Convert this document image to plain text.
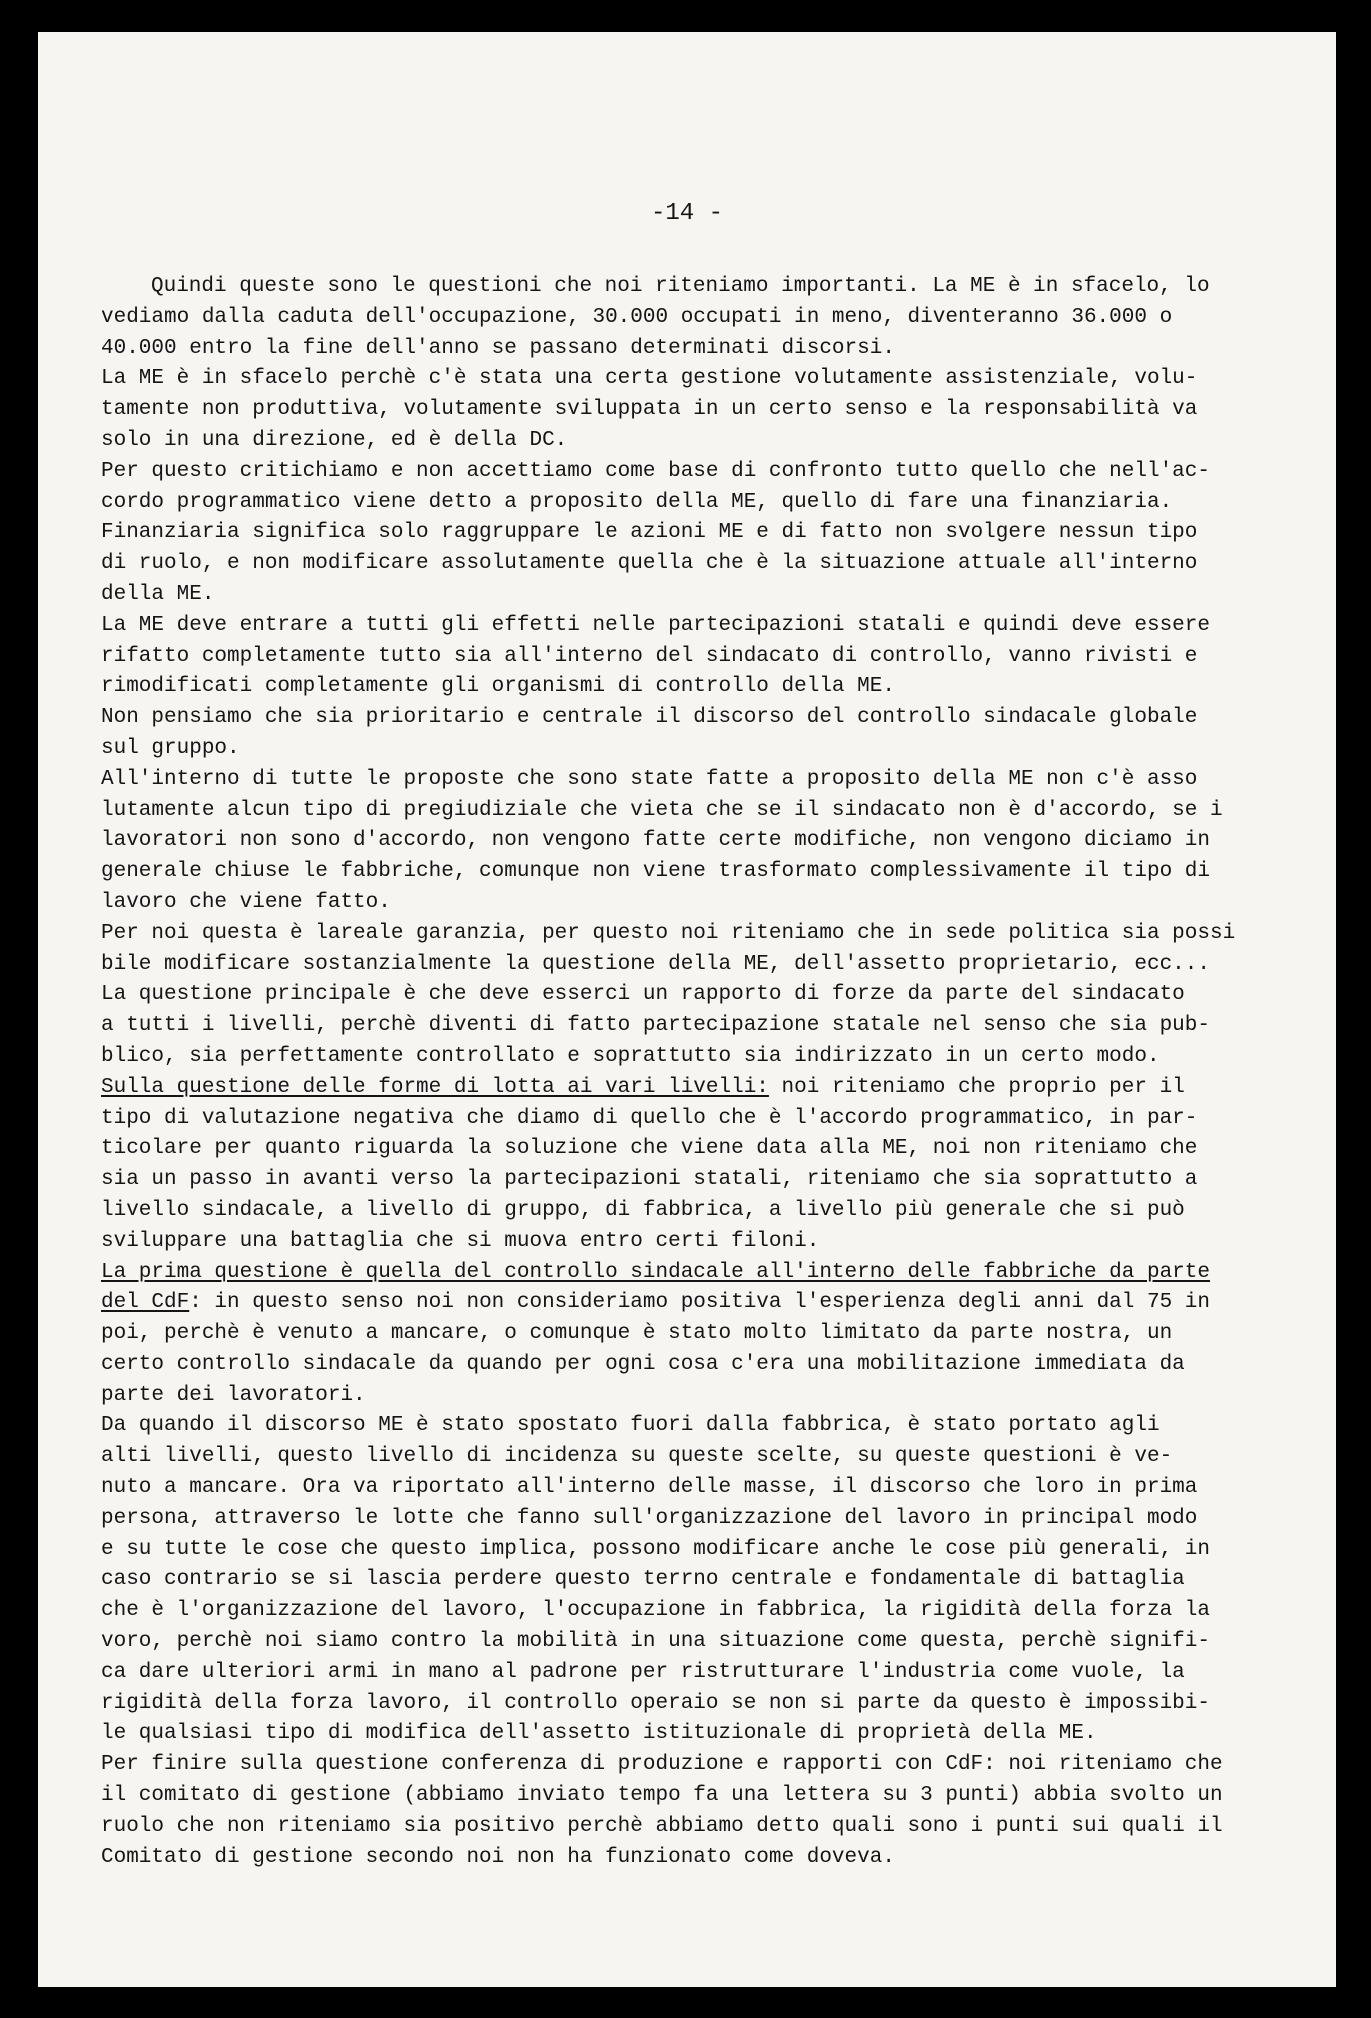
-14 -

Quindi queste sono le questioni che noi riteniamo importanti. La ME è in sfacelo, lo
vediamo dalla caduta dell'occupazione, 30.000 occupati in meno, diventeranno 36.000 o
40.000 entro la fine dell'anno se passano determinati discorsi.
La ME è in sfacelo perchè c'è stata una certa gestione volutamente assistenziale, volu-
tamente non produttiva, volutamente sviluppata in un certo senso e la responsabilità va
solo in una direzione, ed è della DC.
Per questo critichiamo e non accettiamo come base di confronto tutto quello che nell'ac-
cordo programmatico viene detto a proposito della ME, quello di fare una finanziaria.
Finanziaria significa solo raggruppare le azioni ME e di fatto non svolgere nessun tipo
di ruolo, e non modificare assolutamente quella che è la situazione attuale all'interno
della ME.
La ME deve entrare a tutti gli effetti nelle partecipazioni statali e quindi deve essere
rifatto completamente tutto sia all'interno del sindacato di controllo, vanno rivisti e
rimodificati completamente gli organismi di controllo della ME.
Non pensiamo che sia prioritario e centrale il discorso del controllo sindacale globale
sul gruppo.
All'interno di tutte le proposte che sono state fatte a proposito della ME non c'è asso
lutamente alcun tipo di pregiudiziale che vieta che se il sindacato non è d'accordo, se i
lavoratori non sono d'accordo, non vengono fatte certe modifiche, non vengono diciamo in
generale chiuse le fabbriche, comunque non viene trasformato complessivamente il tipo di
lavoro che viene fatto.
Per noi questa è lareale garanzia, per questo noi riteniamo che in sede politica sia possi
bile modificare sostanzialmente la questione della ME, dell'assetto proprietario, ecc...
La questione principale è che deve esserci un rapporto di forze da parte del sindacato
a tutti i livelli, perchè diventi di fatto partecipazione statale nel senso che sia pub-
blico, sia perfettamente controllato e soprattutto sia indirizzato in un certo modo.
Sulla questione delle forme di lotta ai vari livelli: noi riteniamo che proprio per il
tipo di valutazione negativa che diamo di quello che è l'accordo programmatico, in par-
ticolare per quanto riguarda la soluzione che viene data alla ME, noi non riteniamo che
sia un passo in avanti verso la partecipazioni statali, riteniamo che sia soprattutto a
livello sindacale, a livello di gruppo, di fabbrica, a livello più generale che si può
sviluppare una battaglia che si muova entro certi filoni.
La prima questione è quella del controllo sindacale all'interno delle fabbriche da parte
del CdF: in questo senso noi non consideriamo positiva l'esperienza degli anni dal 75 in
poi, perchè è venuto a mancare, o comunque è stato molto limitato da parte nostra, un
certo controllo sindacale da quando per ogni cosa c'era una mobilitazione immediata da
parte dei lavoratori.
Da quando il discorso ME è stato spostato fuori dalla fabbrica, è stato portato agli
alti livelli, questo livello di incidenza su queste scelte, su queste questioni è ve-
nuto a mancare. Ora va riportato all'interno delle masse, il discorso che loro in prima
persona, attraverso le lotte che fanno sull'organizzazione del lavoro in principal modo
e su tutte le cose che questo implica, possono modificare anche le cose più generali, in
caso contrario se si lascia perdere questo terrno centrale e fondamentale di battaglia
che è l'organizzazione del lavoro, l'occupazione in fabbrica, la rigidità della forza la
voro, perchè noi siamo contro la mobilità in una situazione come questa, perchè signifi-
ca dare ulteriori armi in mano al padrone per ristrutturare l'industria come vuole, la
rigidità della forza lavoro, il controllo operaio se non si parte da questo è impossibi-
le qualsiasi tipo di modifica dell'assetto istituzionale di proprietà della ME.
Per finire sulla questione conferenza di produzione e rapporti con CdF: noi riteniamo che
il comitato di gestione (abbiamo inviato tempo fa una lettera su 3 punti) abbia svolto un
ruolo che non riteniamo sia positivo perchè abbiamo detto quali sono i punti sui quali il
Comitato di gestione secondo noi non ha funzionato come doveva.
